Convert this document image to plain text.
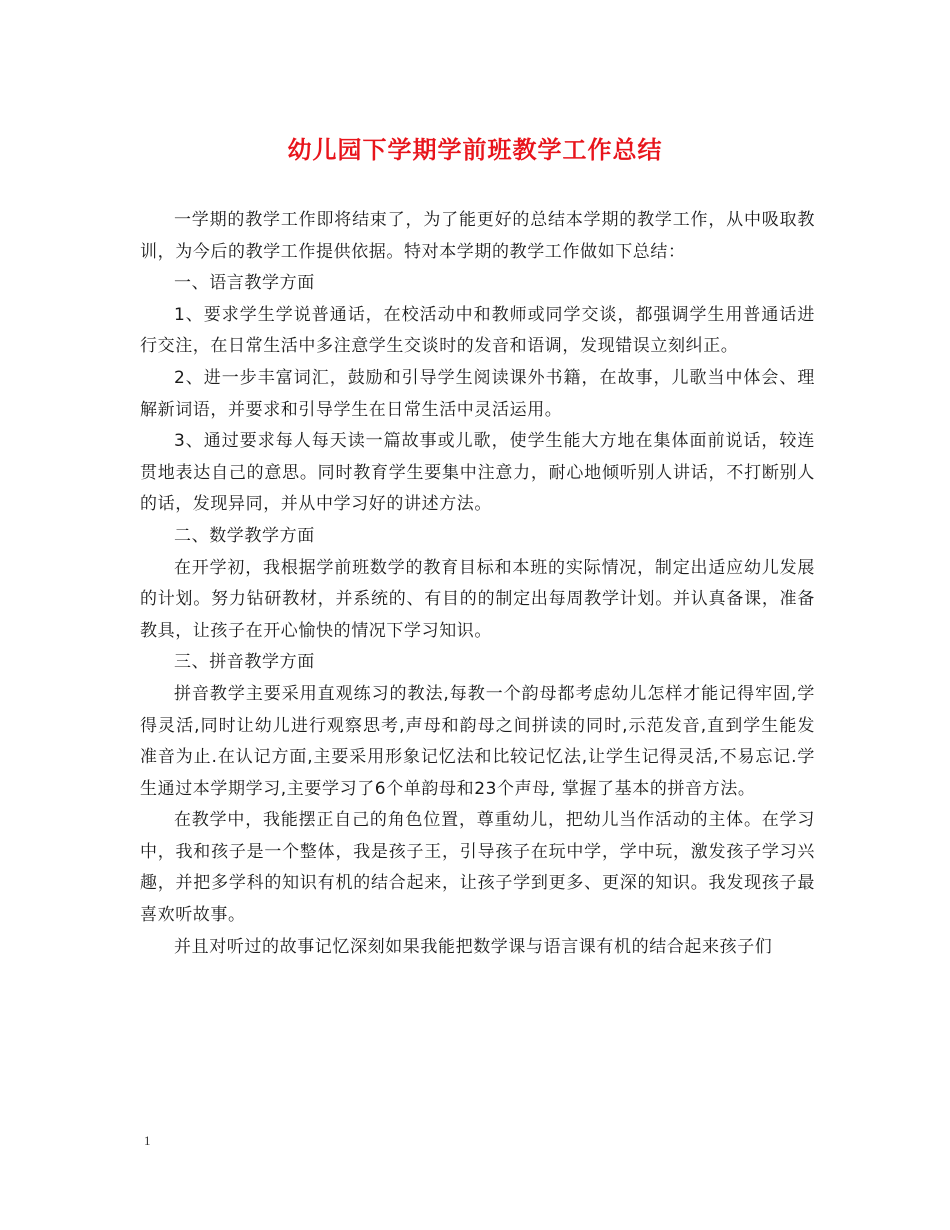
幼儿园下学期学前班教学工作总结

一学期的教学工作即将结束了，为了能更好的总结本学期的教学工作，从中吸取教训，为今后的教学工作提供依据。特对本学期的教学工作做如下总结：

一、语言教学方面

1、要求学生学说普通话，在校活动中和教师或同学交谈，都强调学生用普通话进行交注，在日常生活中多注意学生交谈时的发音和语调，发现错误立刻纠正。

2、进一步丰富词汇，鼓励和引导学生阅读课外书籍，在故事，儿歌当中体会、理解新词语，并要求和引导学生在日常生活中灵活运用。

3、通过要求每人每天读一篇故事或儿歌，使学生能大方地在集体面前说话，较连贯地表达自己的意思。同时教育学生要集中注意力，耐心地倾听别人讲话，不打断别人的话，发现异同，并从中学习好的讲述方法。

二、数学教学方面

在开学初，我根据学前班数学的教育目标和本班的实际情况，制定出适应幼儿发展的计划。努力钻研教材，并系统的、有目的的制定出每周教学计划。并认真备课，准备教具，让孩子在开心愉快的情况下学习知识。

三、拼音教学方面

拼音教学主要采用直观练习的教法,每教一个韵母都考虑幼儿怎样才能记得牢固,学得灵活,同时让幼儿进行观察思考,声母和韵母之间拼读的同时,示范发音,直到学生能发准音为止.在认记方面,主要采用形象记忆法和比较记忆法,让学生记得灵活,不易忘记.学生通过本学期学习,主要学习了6个单韵母和23个声母, 掌握了基本的拼音方法。

在教学中，我能摆正自己的角色位置，尊重幼儿，把幼儿当作活动的主体。在学习中，我和孩子是一个整体，我是孩子王，引导孩子在玩中学，学中玩，激发孩子学习兴趣，并把多学科的知识有机的结合起来，让孩子学到更多、更深的知识。我发现孩子最喜欢听故事。

并且对听过的故事记忆深刻如果我能把数学课与语言课有机的结合起来孩子们

1
